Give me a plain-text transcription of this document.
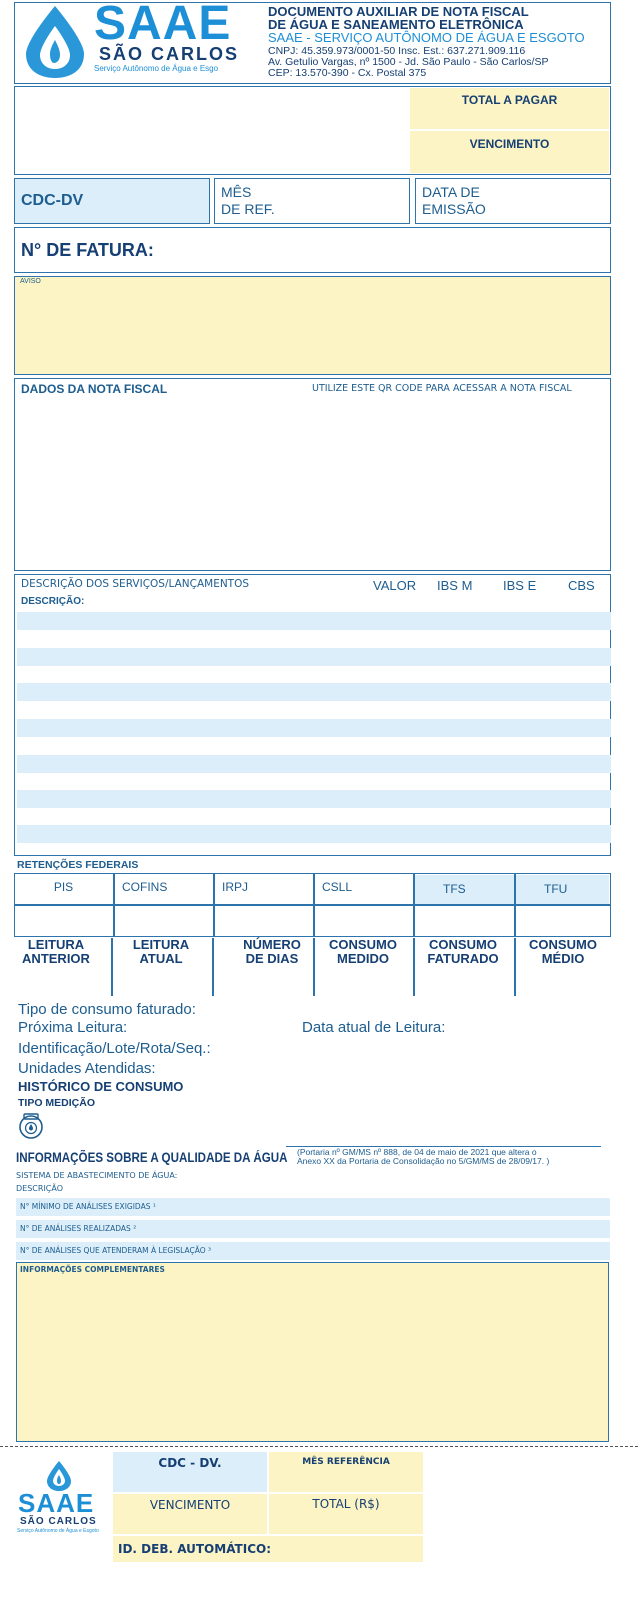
SAAE
SÃO CARLOS
Serviço Autônomo de Água e Esgo
DOCUMENTO AUXILIAR DE NOTA FISCAL
DE ÁGUA E SANEAMENTO ELETRÔNICA
SAAE - SERVIÇO AUTÔNOMO DE ÁGUA E ESGOTO
CNPJ: 45.359.973/0001-50 Insc. Est.: 637.271.909.116
Av. Getulio Vargas, nº 1500 - Jd. São Paulo - São Carlos/SP
CEP: 13.570-390 - Cx. Postal 375
TOTAL A PAGAR
VENCIMENTO
CDC-DV	MÊS
DE REF.
DATA DE
EMISSÃO
N° DE FATURA:
AVISO
DADOS DA NOTA FISCAL	UTILIZE ESTE QR CODE PARA ACESSAR A NOTA FISCAL
DESCRIÇÃO DOS SERVIÇOS/LANÇAMENTOS
DESCRIÇÃO:
VALOR IBS M IBS E CBS
RETENÇÕES FEDERAIS
PIS	COFINS	IRPJ	CSLL	TFS	TFU
LEITURA
ANTERIOR
LEITURA
ATUAL
NÚMERO
DE DIAS
CONSUMO
MEDIDO
CONSUMO
FATURADO
CONSUMO
MÉDIO
Tipo de consumo faturado:
Próxima Leitura:	Data atual de Leitura:
Identificação/Lote/Rota/Seq.:
Unidades Atendidas:
HISTÓRICO DE CONSUMO
TIPO MEDIÇÃO
INFORMAÇÕES SOBRE A QUALIDADE DA ÁGUA (Portaria nº GM/MS nº 888, de 04 de maio de 2021 que altera o
Anexo XX da Portaria de Consolidação no 5/GM/MS de 28/09/17. )
SISTEMA DE ABASTECIMENTO DE ÁGUA:
DESCRIÇÃO
N° MÍNIMO DE ANÁLISES EXIGIDAS ¹
N° DE ANÁLISES REALIZADAS ²
N° DE ANÁLISES QUE ATENDERAM À LEGISLAÇÃO ³
INFORMAÇÕES COMPLEMENTARES
SAAE
SÃO CARLOS
Serviço Autônomo de Água e Esgoto
CDC - DV.	MÊS REFERÊNCIA
VENCIMENTO	TOTAL (R$)
ID. DEB. AUTOMÁTICO:
